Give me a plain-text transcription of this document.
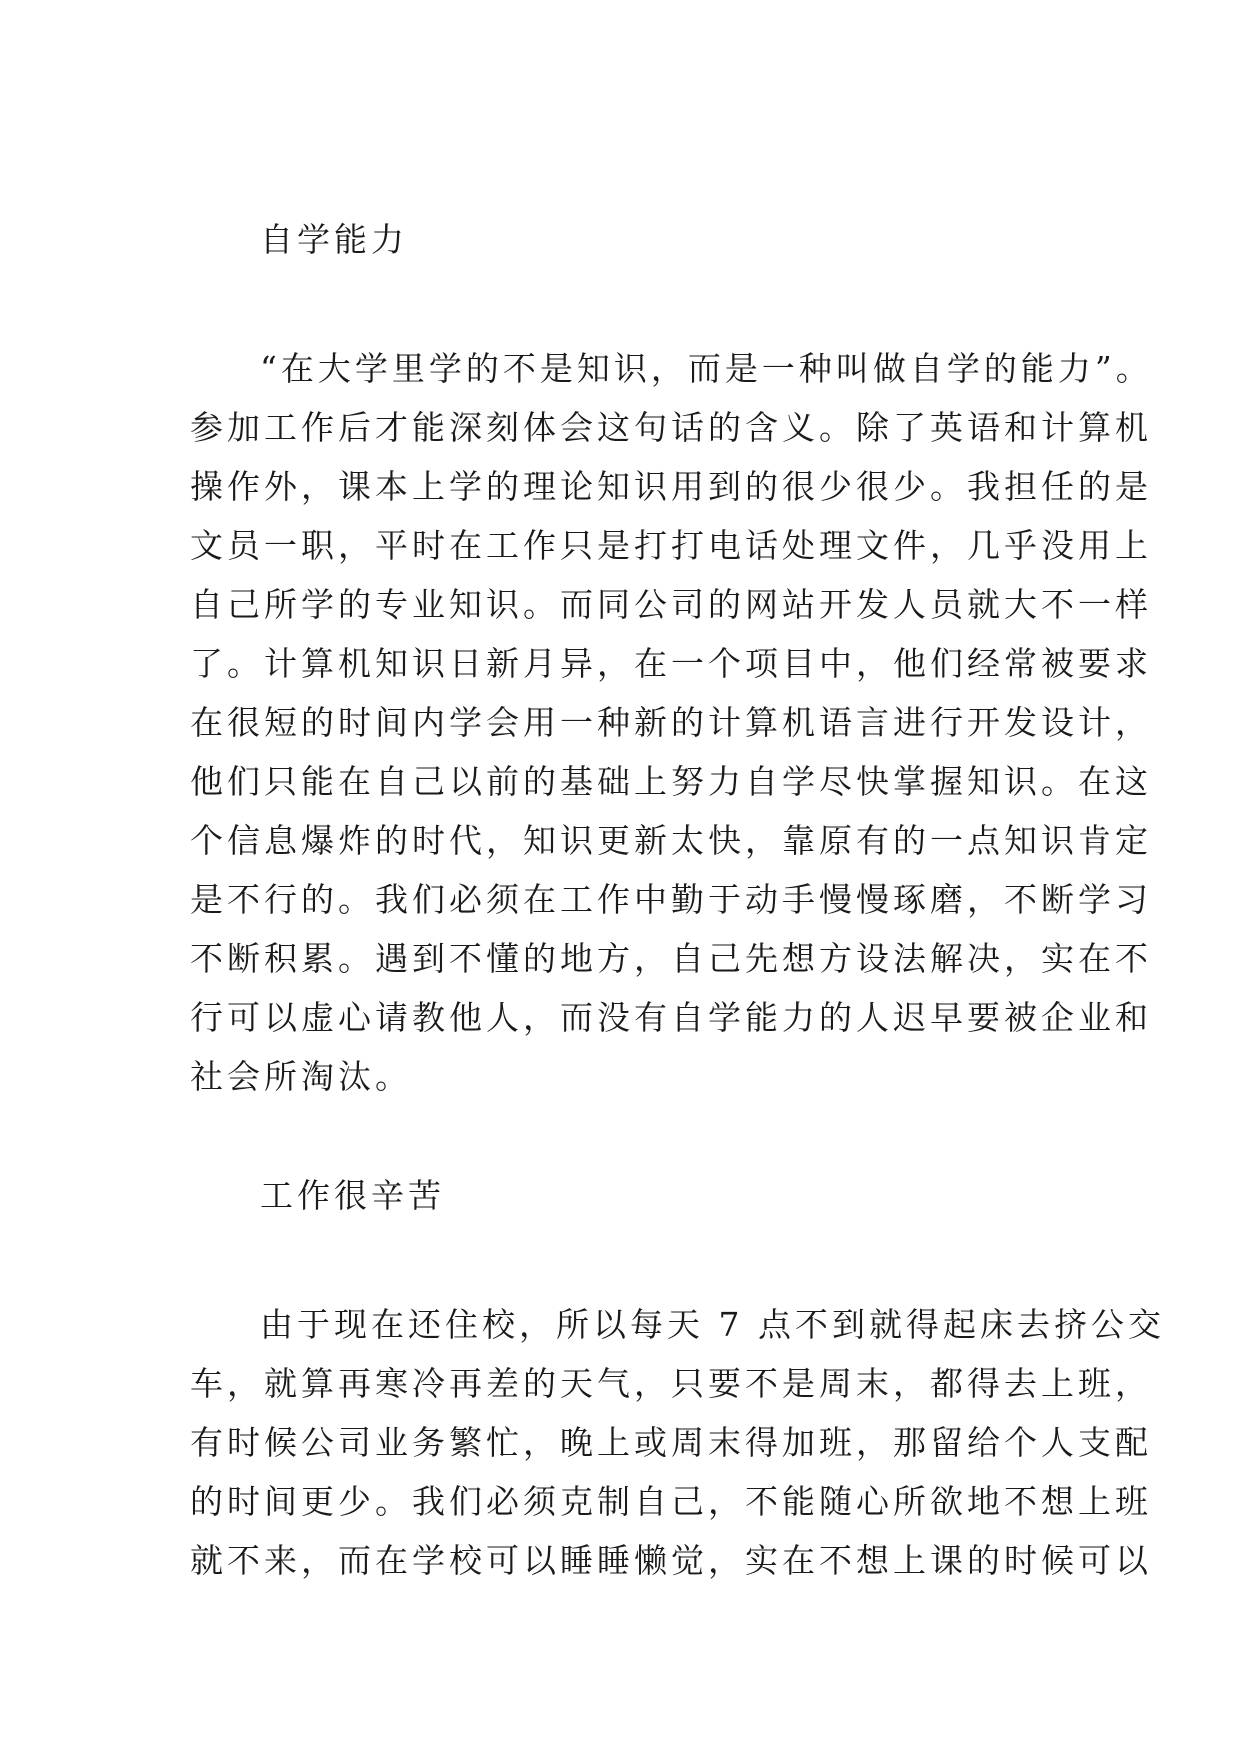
自学能力
“在大学里学的不是知识，而是一种叫做自学的能力”。
参加工作后才能深刻体会这句话的含义。除了英语和计算机
操作外，课本上学的理论知识用到的很少很少。我担任的是
文员一职，平时在工作只是打打电话处理文件，几乎没用上
自己所学的专业知识。而同公司的网站开发人员就大不一样
了。计算机知识日新月异，在一个项目中，他们经常被要求
在很短的时间内学会用一种新的计算机语言进行开发设计，
他们只能在自己以前的基础上努力自学尽快掌握知识。在这
个信息爆炸的时代，知识更新太快，靠原有的一点知识肯定
是不行的。我们必须在工作中勤于动手慢慢琢磨，不断学习
不断积累。遇到不懂的地方，自己先想方设法解决，实在不
行可以虚心请教他人，而没有自学能力的人迟早要被企业和
社会所淘汰。
工作很辛苦
由于现在还住校，所以每天 7 点不到就得起床去挤公交
车，就算再寒冷再差的天气，只要不是周末，都得去上班，
有时候公司业务繁忙，晚上或周末得加班，那留给个人支配
的时间更少。我们必须克制自己，不能随心所欲地不想上班
就不来，而在学校可以睡睡懒觉，实在不想上课的时候可以
